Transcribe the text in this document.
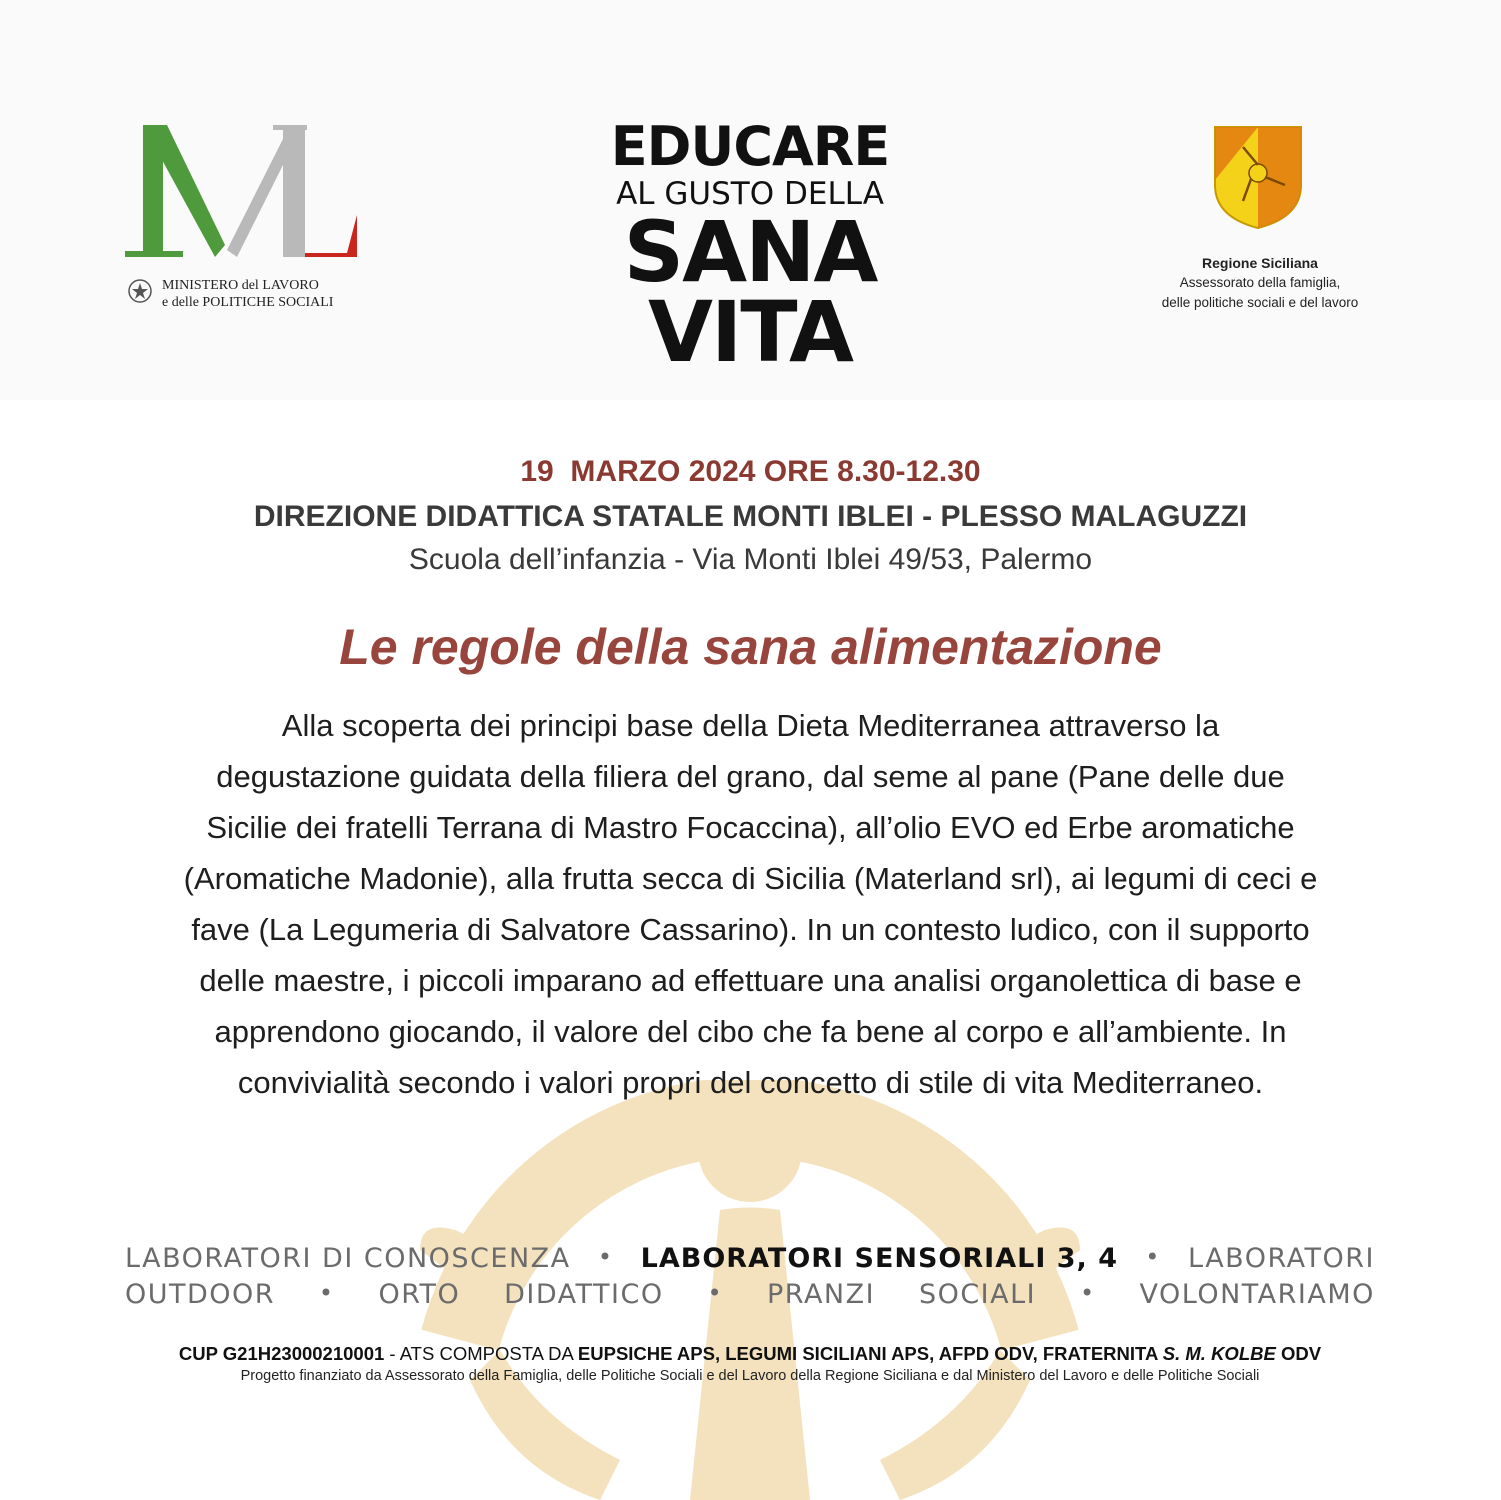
MINISTERO del LAVORO
e delle POLITICHE SOCIALI
EDUCARE
AL GUSTO DELLA
SANA
VITA
Regione Siciliana
Assessorato della famiglia,
delle politiche sociali e del lavoro
19  MARZO 2024 ORE 8.30-12.30
DIREZIONE DIDATTICA STATALE MONTI IBLEI - PLESSO MALAGUZZI
Scuola dell’infanzia - Via Monti Iblei 49/53, Palermo
Le regole della sana alimentazione
Alla scoperta dei principi base della Dieta Mediterranea attraverso la
degustazione guidata della filiera del grano, dal seme al pane (Pane delle due
Sicilie dei fratelli Terrana di Mastro Focaccina), all’olio EVO ed Erbe aromatiche
(Aromatiche Madonie), alla frutta secca di Sicilia (Materland srl), ai legumi di ceci e
fave (La Legumeria di Salvatore Cassarino). In un contesto ludico, con il supporto
delle maestre, i piccoli imparano ad effettuare una analisi organolettica di base e
apprendono giocando, il valore del cibo che fa bene al corpo e all’ambiente. In
convivialità secondo i valori propri del concetto di stile di vita Mediterraneo.
LABORATORI DI CONOSCENZA • LABORATORI SENSORIALI 3, 4 • LABORATORI
OUTDOOR • ORTO DIDATTICO • PRANZI SOCIALI • VOLONTARIAMO
CUP G21H23000210001 - ATS COMPOSTA DA EUPSICHE APS, LEGUMI SICILIANI APS, AFPD ODV, FRATERNITA S. M. KOLBE ODV
Progetto finanziato da Assessorato della Famiglia, delle Politiche Sociali e del Lavoro della Regione Siciliana e dal Ministero del Lavoro e delle Politiche Sociali
